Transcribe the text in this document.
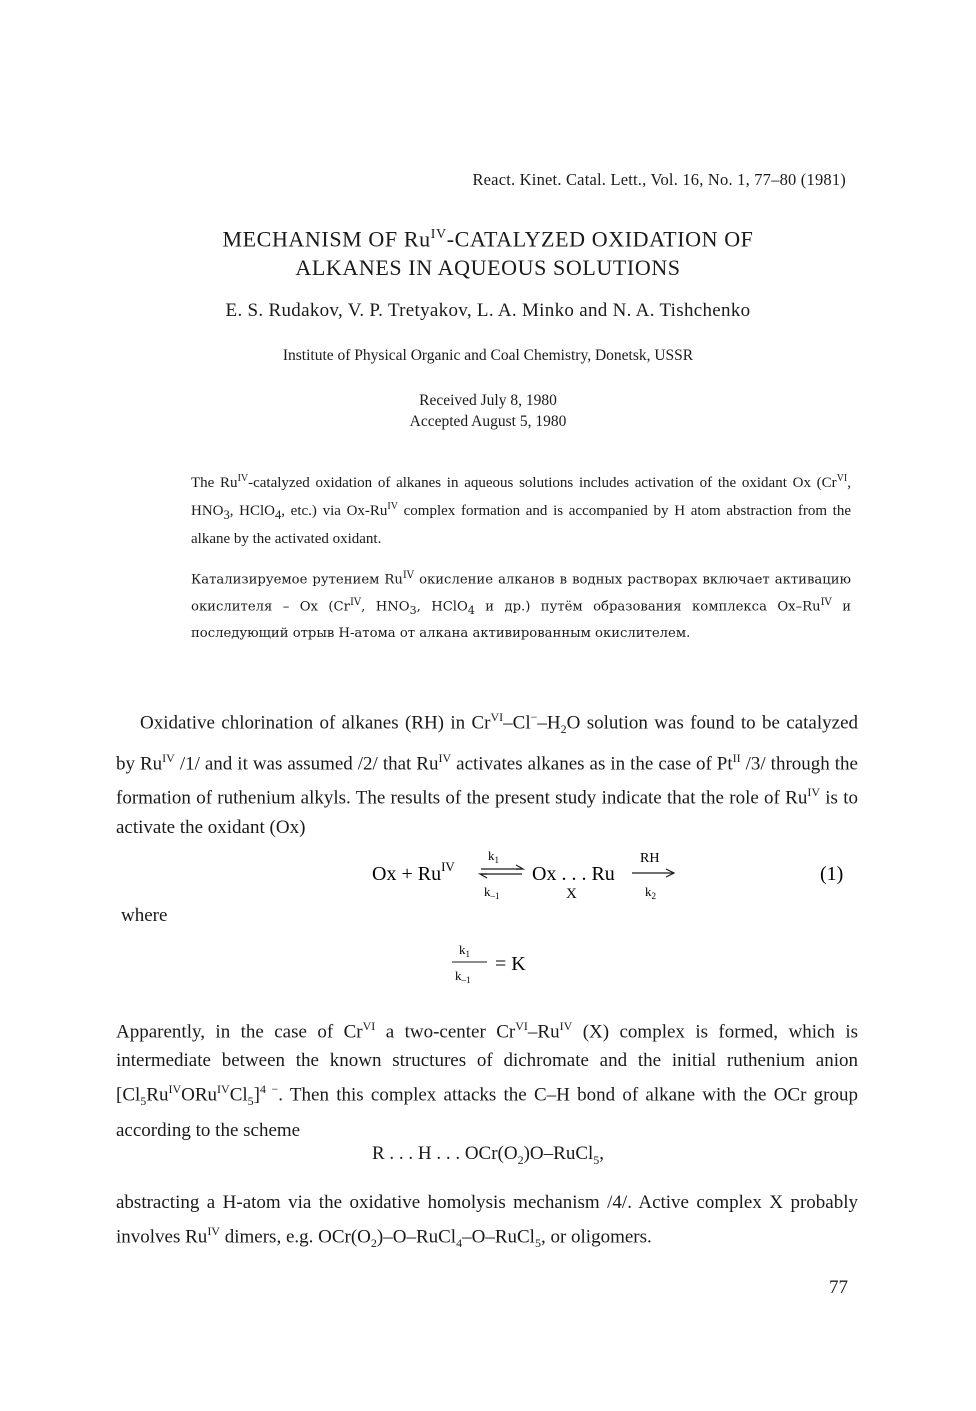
React. Kinet. Catal. Lett., Vol. 16, No. 1, 77–80 (1981)
MECHANISM OF $Ru^{IV}$-CATALYZED OXIDATION OF
ALKANES IN AQUEOUS SOLUTIONS
E. S. Rudakov, V. P. Tretyakov, L. A. Minko and N. A. Tishchenko
Institute of Physical Organic and Coal Chemistry, Donetsk, USSR
Received July 8, 1980
Accepted August 5, 1980
The $Ru^{IV}$-catalyzed oxidation of alkanes in aqueous solutions includes activation of the oxidant Ox ($Cr^{VI}$, $HNO_3$, HClO$_4$, etc.) via $Ox-Ru^{IV}$ complex formation and is accompanied by H atom abstraction from the alkane by the activated oxidant.
Катализируемое рутением $Ru^{IV}$ окисление алканов в водных растворах включает активацию окислителя – Ox ($Cr^{IV}$, $HNO_3$, HClO$_4$ и др.) путём образования комплекса $Ox-Ru^{IV}$ и последующий отрыв H-атома от алкана активированным окислителем.
Oxidative chlorination of alkanes (RH) in $Cr^{VI}-Cl^--H_2O$ solution was found to be catalyzed by $Ru^{IV}$ /1/ and it was assumed /2/ that $Ru^{IV}$ activates alkanes as in the case of $Pt^{II}$ /3/ through the formation of ruthenium alkyls. The results of the present study indicate that the role of $Ru^{IV}$ is to activate the oxidant (Ox)
$Ox + Ru^{IV}$
$k_1$
$k_{-1}$
Ox . . . Ru
X
RH
$k_2$
(1)
where
$k_1$
$k_{-1}$
= K
Apparently, in the case of $Cr^{VI}$ a two-center $Cr^{VI}-Ru^{IV}$ (X) complex is formed, which is intermediate between the known structures of dichromate and the initial ruthenium anion $[Cl_5Ru^{IV}ORu^{IV}Cl_5]^{4 -}$. Then this complex attacks the C–H bond of alkane with the OCr group according to the scheme
R . . . H . . . $OCr(O_2)O-RuCl_5$,
abstracting a H-atom via the oxidative homolysis mechanism /4/. Active complex X probably involves $Ru^{IV}$ dimers, e.g. $OCr(O_2)-O-RuCl_4-O-RuCl_5$, or oligomers.
77
